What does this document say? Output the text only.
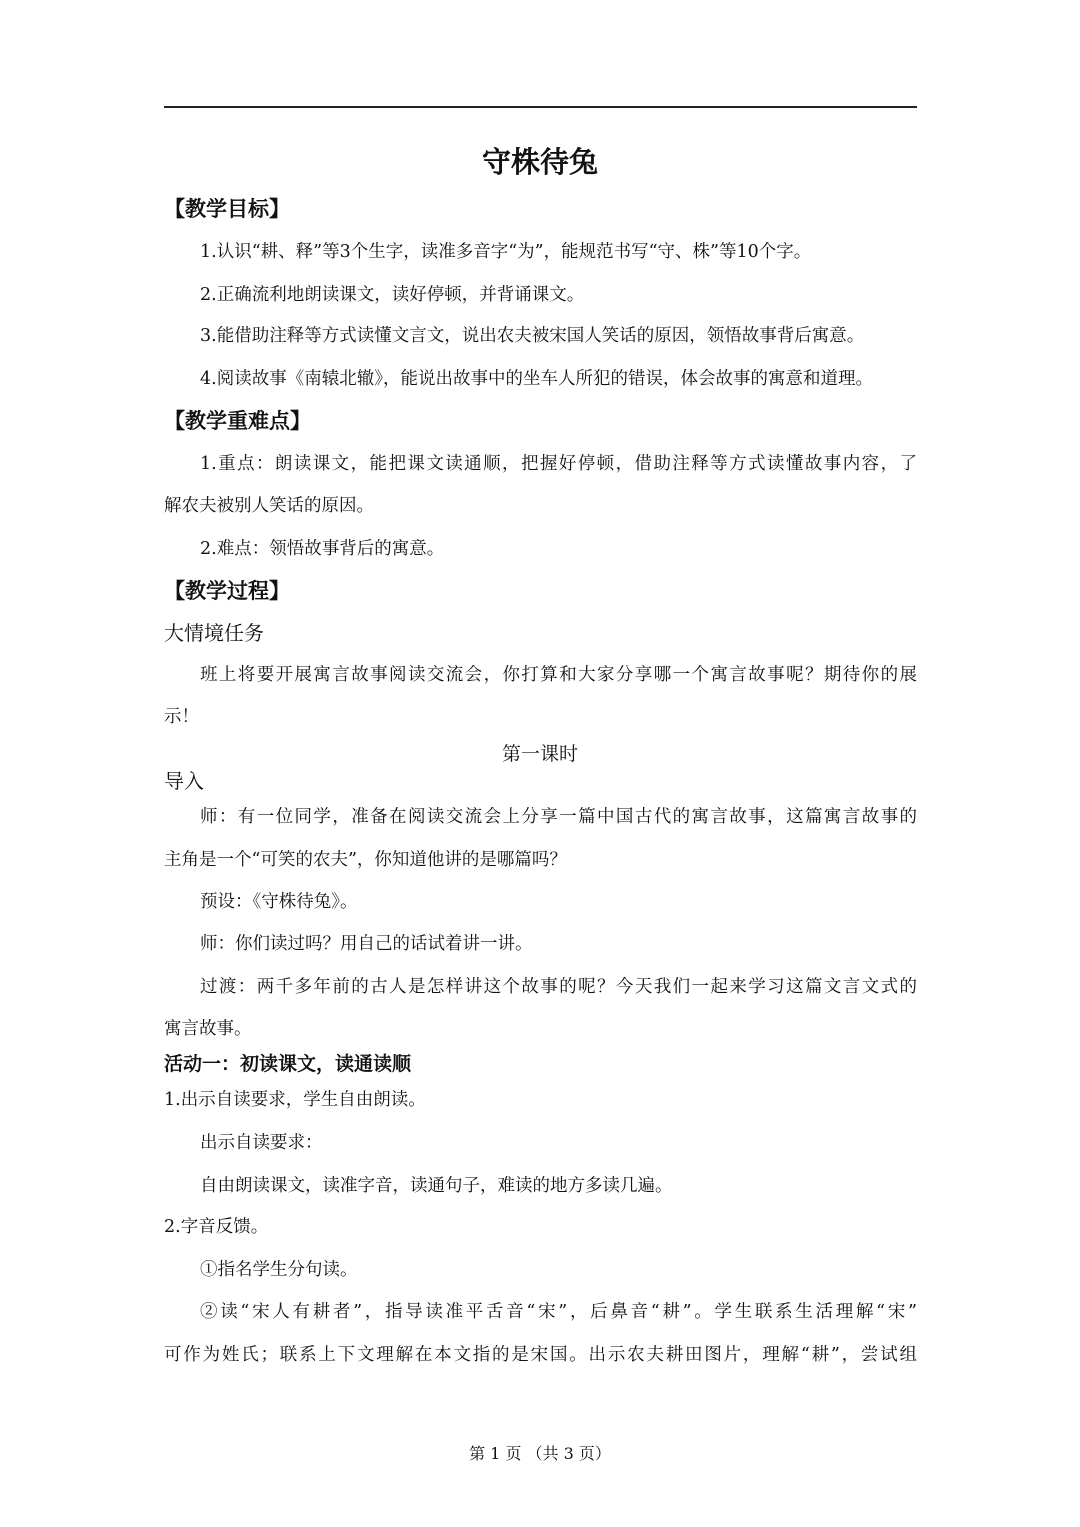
守株待兔
【教学目标】
1.认识“耕、释”等3个生字，读准多音字“为”，能规范书写“守、株”等10个字。
2.正确流利地朗读课文，读好停顿，并背诵课文。
3.能借助注释等方式读懂文言文，说出农夫被宋国人笑话的原因，领悟故事背后寓意。
4.阅读故事《南辕北辙》，能说出故事中的坐车人所犯的错误，体会故事的寓意和道理。
【教学重难点】
1.重点：朗读课文，能把课文读通顺，把握好停顿，借助注释等方式读懂故事内容，了
解农夫被别人笑话的原因。
2.难点：领悟故事背后的寓意。
【教学过程】
大情境任务
班上将要开展寓言故事阅读交流会，你打算和大家分享哪一个寓言故事呢？期待你的展
示！
第一课时
导入
师：有一位同学，准备在阅读交流会上分享一篇中国古代的寓言故事，这篇寓言故事的
主角是一个“可笑的农夫”，你知道他讲的是哪篇吗？
预设：《守株待兔》。
师：你们读过吗？用自己的话试着讲一讲。
过渡：两千多年前的古人是怎样讲这个故事的呢？今天我们一起来学习这篇文言文式的
寓言故事。
活动一：初读课文，读通读顺
1.出示自读要求，学生自由朗读。
出示自读要求：
自由朗读课文，读准字音，读通句子，难读的地方多读几遍。
2.字音反馈。
①指名学生分句读。
②读“宋人有耕者”，指导读准平舌音“宋”，后鼻音“耕”。学生联系生活理解“宋”
可作为姓氏；联系上下文理解在本文指的是宋国。出示农夫耕田图片，理解“耕”，尝试组
第 1 页 （共 3 页）
